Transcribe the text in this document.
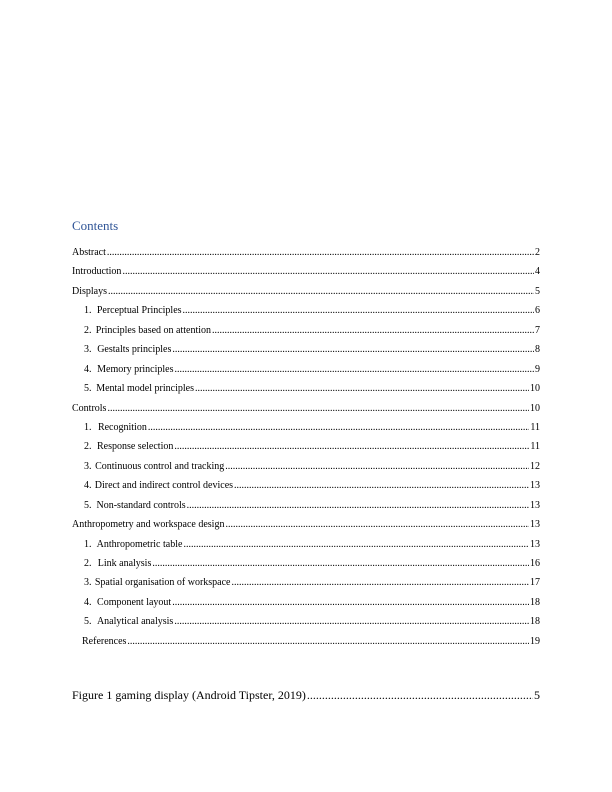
Contents
Abstract .....	2
Introduction .....	4
Displays .....	5
1. Perceptual Principles .....	6
2. Principles based on attention .....	7
3. Gestalts principles .....	8
4. Memory principles .....	9
5. Mental model principles .....	10
Controls .....	10
1. Recognition .....	11
2. Response selection .....	11
3. Continuous control and tracking .....	12
4. Direct and indirect control devices .....	13
5. Non-standard controls .....	13
Anthropometry and workspace design .....	13
1. Anthropometric table .....	13
2. Link analysis .....	16
3. Spatial organisation of workspace .....	17
4. Component layout .....	18
5. Analytical analysis .....	18
References .....	19
Figure 1 gaming display (Android Tipster, 2019) .....	5
